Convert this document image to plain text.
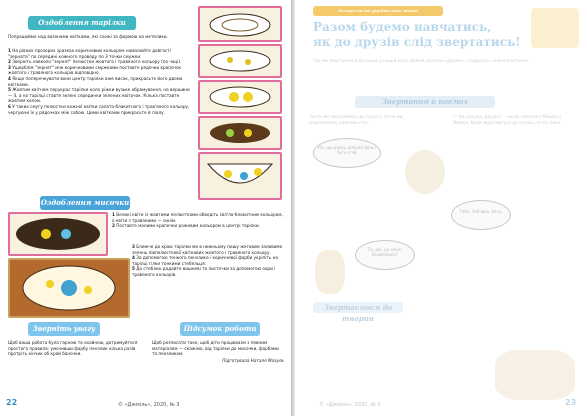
Оздоблення тарілки

Попрацюймо над вазонами квітками, які схожі за формою на метелики.

1 На рівних прозорих зразках коричневим кольором намалюйте довгасті "зерната" по середині кожного проводу по 3 точки смужки.
2 Зверніть навколо "зернят" пелюстки жовтого і травяного кольору (по чаці).
3 Ущерблім "зернят" між коричновими смужками поставте рядочки крапочок жовтого і травяного кольорів відповідно.
4 Якщо поперечкувати вони центр тарілки аже висок, прикрасьте його двома квітками.
5 Жовтим квітнем перукрас тарілки коло ріжки вузьке обрамування, на вершини — 4, а на тарілці ставте зелені серединки зелених квіточок. Кілька поставте жовтим колом.
6 У таких смугу пелюстки кожної квітки салата-блакитного і трав'яного кольору, чергуючи їх у рядочках між собою. Цими квітками прикрасьте й піалу.
Оздоблення мисочки
1 Великі квіти із жовтими пелюстками обведіть світло-блакитним кольором, а квіти з травяними — синім.
2 Поставте малими крапочки рожевим кольором в центрі тарілки.
3 Ближче до краю тарілки ми в нижньому пишу жеговим заливимо зелень півпелюстковії квіткових жовтого і травяного кольору.
4 За допомогою тонкого пензлика і коричневої фарби укріпіть на тарілці гілки тонкими стебельця.
5 До стеблин додайте вишневі та листочки за допомогою охри і травяного кольорів.
Зверніть увагу	Підсумок роботи

Щоб ваша робота була гарною та охайною, дотримуйтеся простого правила: умочивши фарбу пензлик кілька разів протріть кінчик об край баночки.

Щоб розписати таке, щоб діти працювали з певним матеріалом — скажімо, від тарілки до мисочки, фарбами та пензликом.

Підготувала Наталя Мазуль

22	© «Джміль», 2020, № 3
Розмовляємо українською мовою
Разом будемо навчатись,
як до друзів слід звертатись!
Так ми звертаємося до інших у нашій мові: можна сказати «друже», «подруго», «пане вчителю».
Звертання в поемах
Часто ми звертаємось до одного. Коли ми звертаємося, кажемо «ти».
— Чи сумуєш, друже? — мило запитала Мишка у Жабки. Коли звертаються до когось, то по імені.
Ой, що ранку добрий день! Чути спів.
Ти, дів, до мене, Ведмедику?
Тебе, Зайчику, бачу.
Звертаємося до тварин
© «Джміль», 2020, № 3	23
